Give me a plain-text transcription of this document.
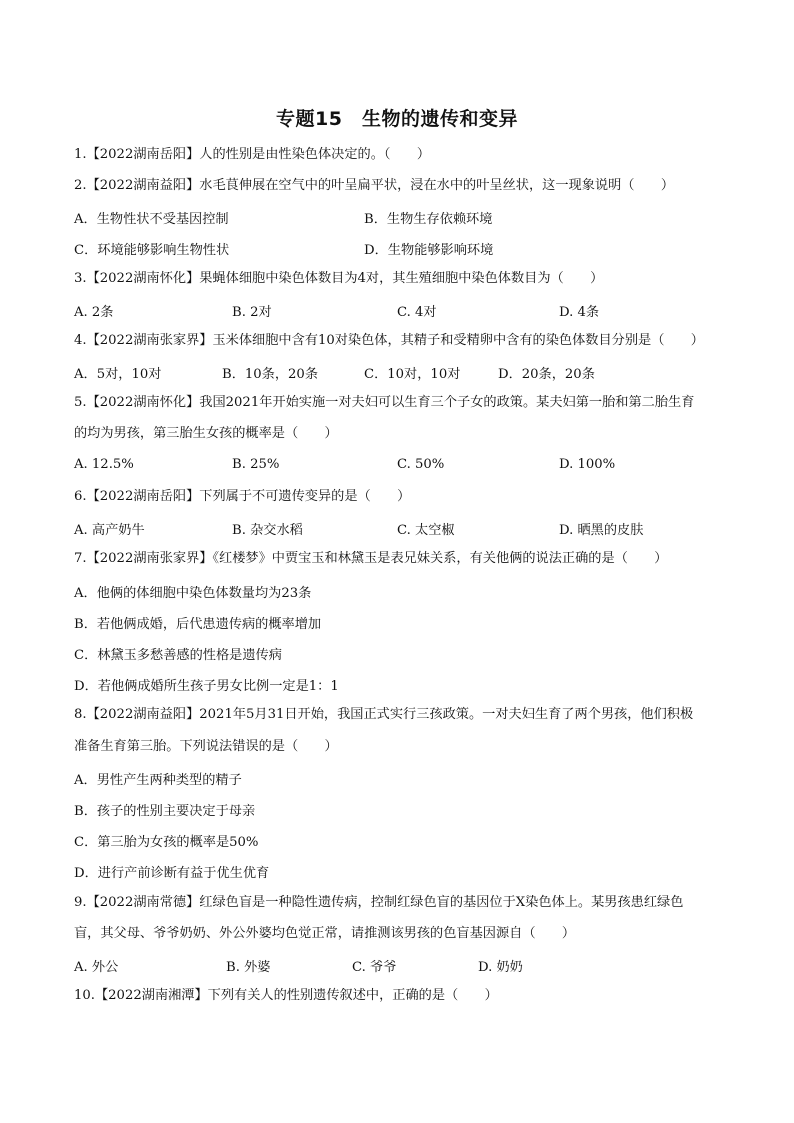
专题15　生物的遗传和变异
1.【2022湖南岳阳】人的性别是由性染色体决定的。（　　）
2.【2022湖南益阳】水毛茛伸展在空气中的叶呈扁平状，浸在水中的叶呈丝状，这一现象说明（　　）
A．生物性状不受基因控制	B．生物生存依赖环境
C．环境能够影响生物性状	D．生物能够影响环境
3.【2022湖南怀化】果蝇体细胞中染色体数目为4对，其生殖细胞中染色体数目为（　　）
A. 2条	B. 2对	C. 4对	D. 4条
4.【2022湖南张家界】玉米体细胞中含有10对染色体，其精子和受精卵中含有的染色体数目分别是（　　）
A．5对，10对	B．10条，20条	C．10对，10对	D．20条，20条
5.【2022湖南怀化】我国2021年开始实施一对夫妇可以生育三个子女的政策。某夫妇第一胎和第二胎生育
的均为男孩，第三胎生女孩的概率是（　　）
A. 12.5%	B. 25%	C. 50%	D. 100%
6.【2022湖南岳阳】下列属于不可遗传变异的是（　　）
A. 高产奶牛	B. 杂交水稻	C. 太空椒	D. 晒黑的皮肤
7.【2022湖南张家界】《红楼梦》中贾宝玉和林黛玉是表兄妹关系，有关他俩的说法正确的是（　　）
A．他俩的体细胞中染色体数量均为23条
B．若他俩成婚，后代患遗传病的概率增加
C．林黛玉多愁善感的性格是遗传病
D．若他俩成婚所生孩子男女比例一定是1：1
8.【2022湖南益阳】2021年5月31日开始，我国正式实行三孩政策。一对夫妇生育了两个男孩，他们积极
准备生育第三胎。下列说法错误的是（　　）
A．男性产生两种类型的精子
B．孩子的性别主要决定于母亲
C．第三胎为女孩的概率是50%
D．进行产前诊断有益于优生优育
9.【2022湖南常德】红绿色盲是一种隐性遗传病，控制红绿色盲的基因位于X染色体上。某男孩患红绿色
盲，其父母、爷爷奶奶、外公外婆均色觉正常，请推测该男孩的色盲基因源自（　　）
A. 外公	B. 外婆	C. 爷爷	D. 奶奶
10.【2022湖南湘潭】下列有关人的性别遗传叙述中，正确的是（　　）
